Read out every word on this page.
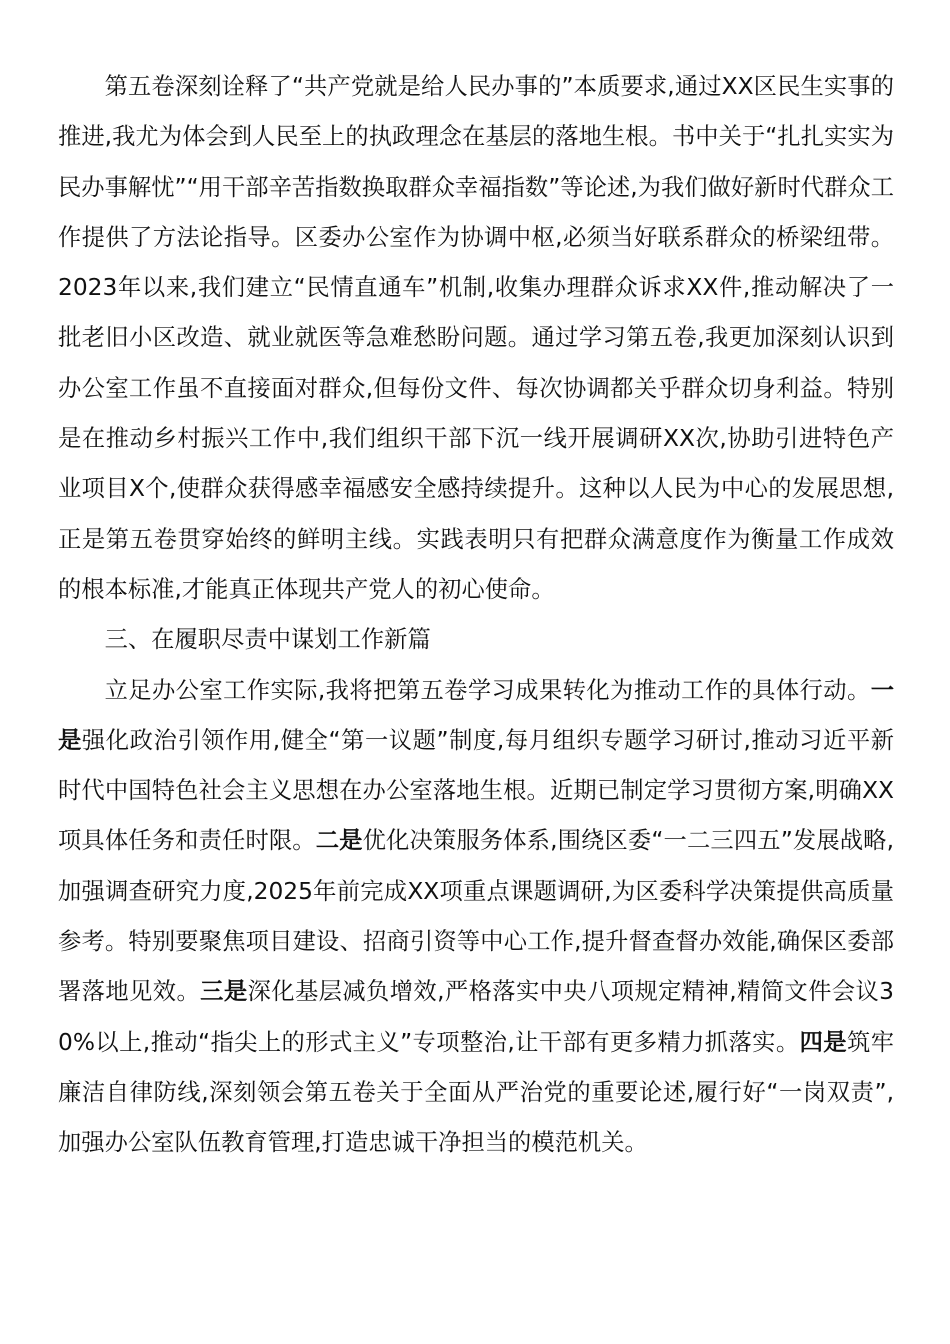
第五卷深刻诠释了“共产党就是给人民办事的”本质要求,通过XX区民生实事的推进,我尤为体会到人民至上的执政理念在基层的落地生根。书中关于“扎扎实实为民办事解忧”“用干部辛苦指数换取群众幸福指数”等论述,为我们做好新时代群众工作提供了方法论指导。区委办公室作为协调中枢,必须当好联系群众的桥梁纽带。2023年以来,我们建立“民情直通车”机制,收集办理群众诉求XX件,推动解决了一批老旧小区改造、就业就医等急难愁盼问题。通过学习第五卷,我更加深刻认识到办公室工作虽不直接面对群众,但每份文件、每次协调都关乎群众切身利益。特别是在推动乡村振兴工作中,我们组织干部下沉一线开展调研XX次,协助引进特色产业项目X个,使群众获得感幸福感安全感持续提升。这种以人民为中心的发展思想,正是第五卷贯穿始终的鲜明主线。实践表明只有把群众满意度作为衡量工作成效的根本标准,才能真正体现共产党人的初心使命。

三、在履职尽责中谋划工作新篇

立足办公室工作实际,我将把第五卷学习成果转化为推动工作的具体行动。一是强化政治引领作用,健全“第一议题”制度,每月组织专题学习研讨,推动习近平新时代中国特色社会主义思想在办公室落地生根。近期已制定学习贯彻方案,明确XX项具体任务和责任时限。二是优化决策服务体系,围绕区委“一二三四五”发展战略,加强调查研究力度,2025年前完成XX项重点课题调研,为区委科学决策提供高质量参考。特别要聚焦项目建设、招商引资等中心工作,提升督查督办效能,确保区委部署落地见效。三是深化基层减负增效,严格落实中央八项规定精神,精简文件会议30%以上,推动“指尖上的形式主义”专项整治,让干部有更多精力抓落实。四是筑牢廉洁自律防线,深刻领会第五卷关于全面从严治党的重要论述,履行好“一岗双责”,加强办公室队伍教育管理,打造忠诚干净担当的模范机关。
